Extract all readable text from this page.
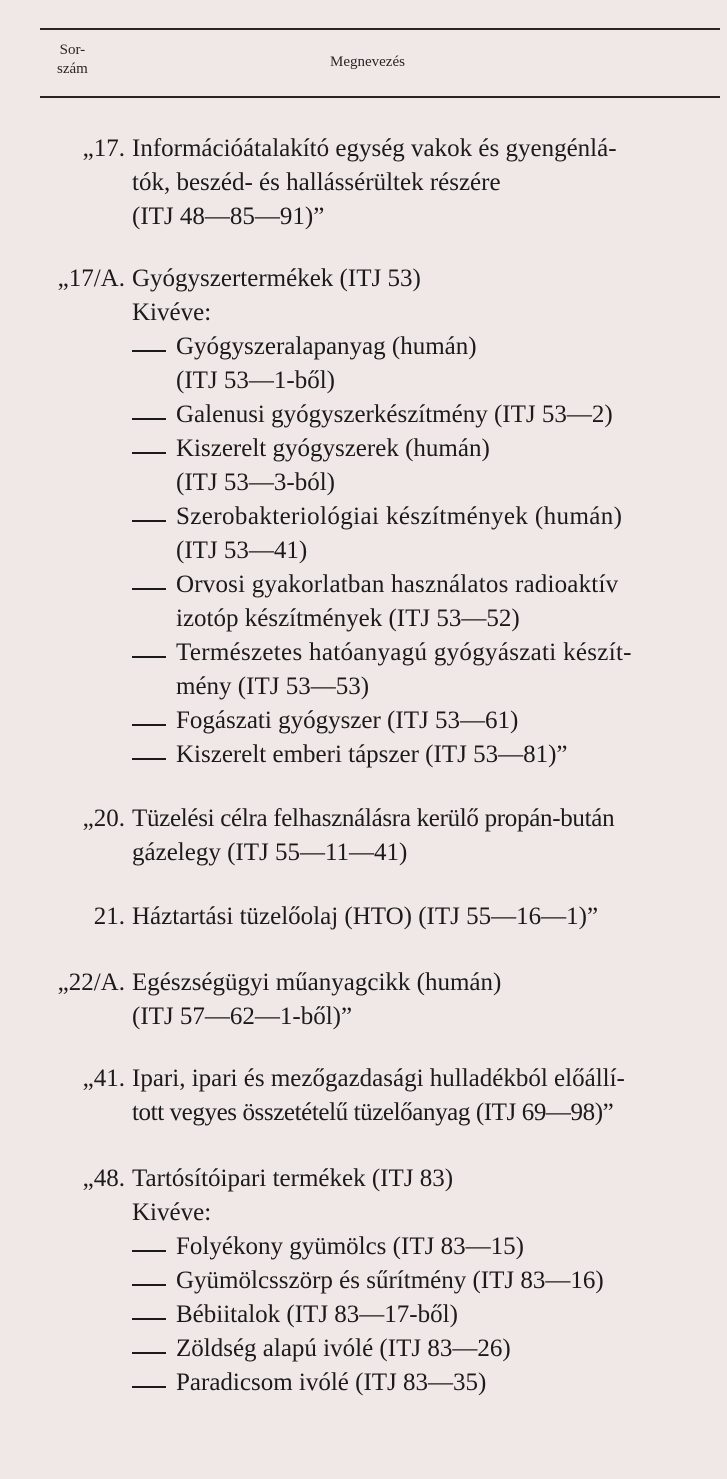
Sor-
szám	Megnevezés
„17. Információátalakító egység vakok és gyengénlá-
tók, beszéd- és hallássérültek részére
(ITJ 48—85—91)”
„17/A. Gyógyszertermékek (ITJ 53)
Kivéve:
Gyógyszeralapanyag (humán)
(ITJ 53—1-ből)
Galenusi gyógyszerkészítmény (ITJ 53—2)
Kiszerelt gyógyszerek (humán)
(ITJ 53—3-ból)
Szerobakteriológiai készítmények (humán)
(ITJ 53—41)
Orvosi gyakorlatban használatos radioaktív
izotóp készítmények (ITJ 53—52)
Természetes hatóanyagú gyógyászati készít-
mény (ITJ 53—53)
Fogászati gyógyszer (ITJ 53—61)
Kiszerelt emberi tápszer (ITJ 53—81)”
„20. Tüzelési célra felhasználásra kerülő propán-bután
gázelegy (ITJ 55—11—41)
21. Háztartási tüzelőolaj (HTO) (ITJ 55—16—1)”
„22/A. Egészségügyi műanyagcikk (humán)
(ITJ 57—62—1-ből)”
„41. Ipari, ipari és mezőgazdasági hulladékból előállí-
tott vegyes összetételű tüzelőanyag (ITJ 69—98)”
„48. Tartósítóipari termékek (ITJ 83)
Kivéve:
Folyékony gyümölcs (ITJ 83—15)
Gyümölcsszörp és sűrítmény (ITJ 83—16)
Bébiitalok (ITJ 83—17-ből)
Zöldség alapú ivólé (ITJ 83—26)
Paradicsom ivólé (ITJ 83—35)
